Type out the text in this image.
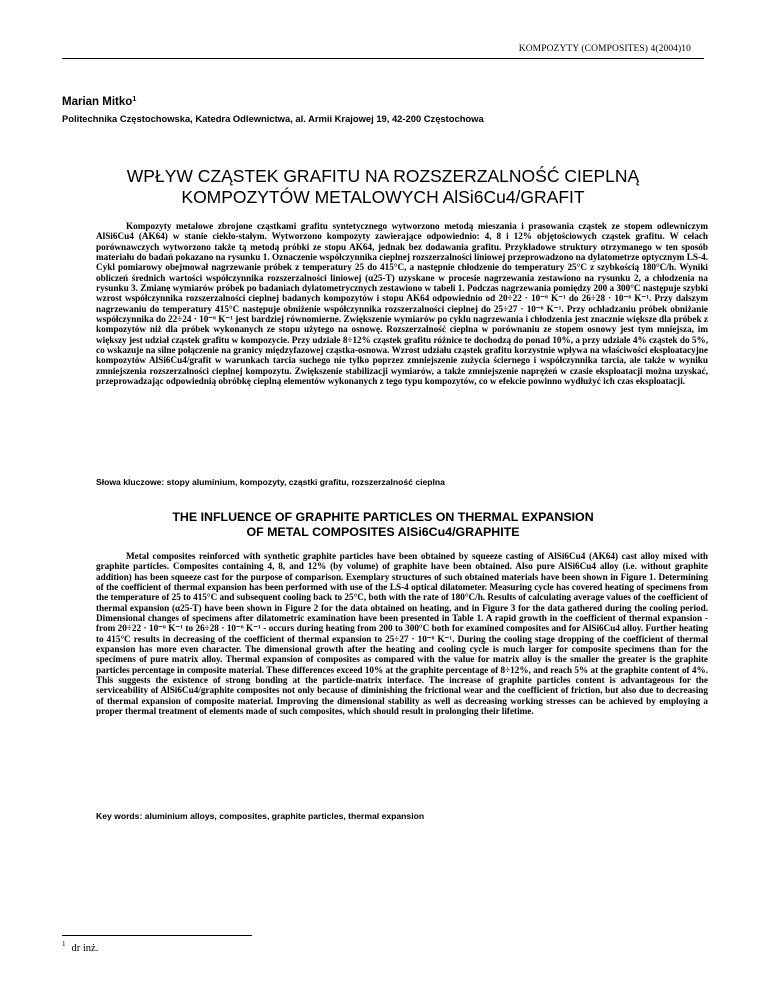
KOMPOZYTY (COMPOSITES) 4(2004)10
Marian Mitko$^1$
Politechnika Częstochowska, Katedra Odlewnictwa, al. Armii Krajowej 19, 42-200 Częstochowa
WPŁYW CZĄSTEK GRAFITU NA ROZSZERZALNOŚĆ CIEPLNĄ
KOMPOZYTÓW METALOWYCH AlSi6Cu4/GRAFIT
Kompozyty metalowe zbrojone cząstkami grafitu syntetycznego wytworzono metodą mieszania i prasowania cząstek ze stopem odlewniczym AlSi6Cu4 (AK64) w stanie ciekło-stałym. Wytworzono kompozyty zawierające odpowiednio: 4, 8 i 12% objętościowych cząstek grafitu. W celach porównawczych wytworzono także tą metodą próbki ze stopu AK64, jednak bez dodawania grafitu. Przykładowe struktury otrzymanego w ten sposób materiału do badań pokazano na rysunku 1. Oznaczenie współczynnika cieplnej rozszerzalności liniowej przeprowadzono na dylatometrze optycznym LS-4. Cykl pomiarowy obejmował nagrzewanie próbek z temperatury 25 do 415°C, a następnie chłodzenie do temperatury 25°C z szybkością 180°C/h. Wyniki obliczeń średnich wartości współczynnika rozszerzalności liniowej (α25-T) uzyskane w procesie nagrzewania zestawiono na rysunku 2, a chłodzenia na rysunku 3. Zmianę wymiarów próbek po badaniach dylatometrycznych zestawiono w tabeli 1. Podczas nagrzewania pomiędzy 200 a 300°C następuje szybki wzrost współczynnika rozszerzalności cieplnej badanych kompozytów i stopu AK64 odpowiednio od 20÷22 · 10⁻⁶ K⁻¹ do 26÷28 · 10⁻⁶ K⁻¹. Przy dalszym nagrzewaniu do temperatury 415°C następuje obniżenie współczynnika rozszerzalności cieplnej do 25÷27 · 10⁻⁶ K⁻¹. Przy ochładzaniu próbek obniżanie współczynnika do 22÷24 · 10⁻⁶ K⁻¹ jest bardziej równomierne. Zwiększenie wymiarów po cyklu nagrzewania i chłodzenia jest znacznie większe dla próbek z kompozytów niż dla próbek wykonanych ze stopu użytego na osnowę. Rozszerzalność cieplna w porównaniu ze stopem osnowy jest tym mniejsza, im większy jest udział cząstek grafitu w kompozycie. Przy udziale 8÷12% cząstek grafitu różnice te dochodzą do ponad 10%, a przy udziale 4% cząstek do 5%, co wskazuje na silne połączenie na granicy międzyfazowej cząstka-osnowa. Wzrost udziału cząstek grafitu korzystnie wpływa na właściwości eksploatacyjne kompozytów AlSi6Cu4/grafit w warunkach tarcia suchego nie tylko poprzez zmniejszenie zużycia ściernego i współczynnika tarcia, ale także w wyniku zmniejszenia rozszerzalności cieplnej kompozytu. Zwiększenie stabilizacji wymiarów, a także zmniejszenie naprężeń w czasie eksploatacji można uzyskać, przeprowadzając odpowiednią obróbkę cieplną elementów wykonanych z tego typu kompozytów, co w efekcie powinno wydłużyć ich czas eksploatacji.
Słowa kluczowe: stopy aluminium, kompozyty, cząstki grafitu, rozszerzalność cieplna
THE INFLUENCE OF GRAPHITE PARTICLES ON THERMAL EXPANSION
OF METAL COMPOSITES AlSi6Cu4/GRAPHITE
Metal composites reinforced with synthetic graphite particles have been obtained by squeeze casting of AlSi6Cu4 (AK64) cast alloy mixed with graphite particles. Composites containing 4, 8, and 12% (by volume) of graphite have been obtained. Also pure AlSi6Cu4 alloy (i.e. without graphite addition) has been squeeze cast for the purpose of comparison. Exemplary structures of such obtained materials have been shown in Figure 1. Determining of the coefficient of thermal expansion has been performed with use of the LS-4 optical dilatometer. Measuring cycle has covered heating of specimens from the temperature of 25 to 415°C and subsequent cooling back to 25°C, both with the rate of 180°C/h. Results of calculating average values of the coefficient of thermal expansion (α25-T) have been shown in Figure 2 for the data obtained on heating, and in Figure 3 for the data gathered during the cooling period. Dimensional changes of specimens after dilatometric examination have been presented in Table 1. A rapid growth in the coefficient of thermal expansion - from 20÷22 · 10⁻⁶ K⁻¹ to 26÷28 · 10⁻⁶ K⁻¹ - occurs during heating from 200 to 300°C both for examined composites and for AlSi6Cu4 alloy. Further heating to 415°C results in decreasing of the coefficient of thermal expansion to 25÷27 · 10⁻⁶ K⁻¹. During the cooling stage dropping of the coefficient of thermal expansion has more even character. The dimensional growth after the heating and cooling cycle is much larger for composite specimens than for the specimens of pure matrix alloy. Thermal expansion of composites as compared with the value for matrix alloy is the smaller the greater is the graphite particles percentage in composite material. These differences exceed 10% at the graphite percentage of 8÷12%, and reach 5% at the graphite content of 4%. This suggests the existence of strong bonding at the particle-matrix interface. The increase of graphite particles content is advantageous for the serviceability of AlSi6Cu4/graphite composites not only because of diminishing the frictional wear and the coefficient of friction, but also due to decreasing of thermal expansion of composite material. Improving the dimensional stability as well as decreasing working stresses can be achieved by employing a proper thermal treatment of elements made of such composites, which should result in prolonging their lifetime.
Key words: aluminium alloys, composites, graphite particles, thermal expansion
$^1$ dr inż.
